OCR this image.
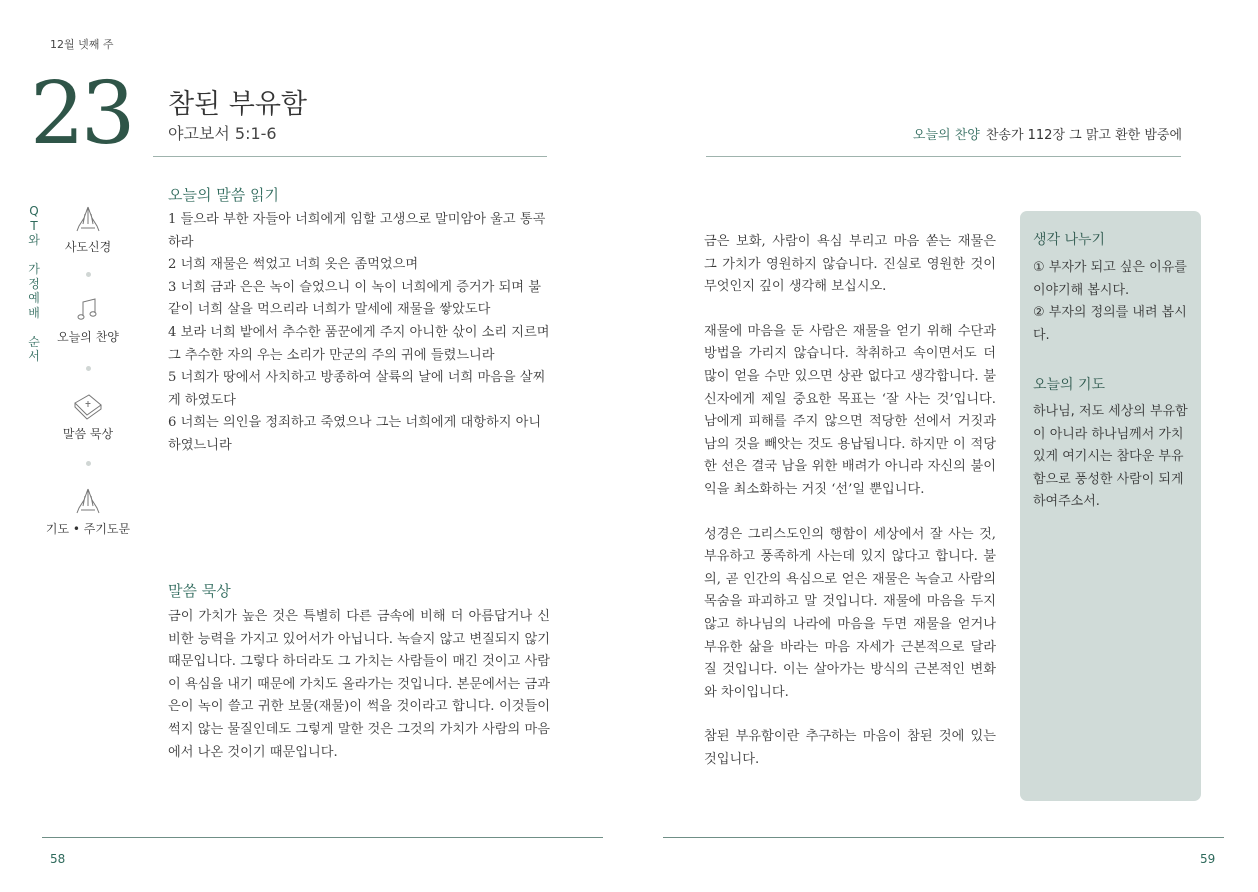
12월 넷째 주
23 참된 부유함
야고보서 5:1-6	오늘의 찬양 찬송가 112장 그 맑고 환한 밤중에
Q
T
와
가
정
예
배
순
서
사도신경
오늘의 찬양
말씀 묵상
기도 • 주기도문
오늘의 말씀 읽기

1 들으라 부한 자들아 너희에게 임할 고생으로 말미암아 울고 통곡하라

2 너희 재물은 썩었고 너희 옷은 좀먹었으며

3 너희 금과 은은 녹이 슬었으니 이 녹이 너희에게 증거가 되며 불 같이 너희 살을 먹으리라 너희가 말세에 재물을 쌓았도다

4 보라 너희 밭에서 추수한 품꾼에게 주지 아니한 삯이 소리 지르며 그 추수한 자의 우는 소리가 만군의 주의 귀에 들렸느니라

5 너희가 땅에서 사치하고 방종하여 살륙의 날에 너희 마음을 살찌게 하였도다

6 너희는 의인을 정죄하고 죽였으나 그는 너희에게 대항하지 아니하였느니라

말씀 묵상
금이 가치가 높은 것은 특별히 다른 금속에 비해 더 아름답거나 신비한 능력을 가지고 있어서가 아닙니다. 녹슬지 않고 변질되지 않기 때문입니다. 그렇다 하더라도 그 가치는 사람들이 매긴 것이고 사람이 욕심을 내기 때문에 가치도 올라가는 것입니다. 본문에서는 금과 은이 녹이 쓸고 귀한 보물(재물)이 썩을 것이라고 합니다. 이것들이 썩지 않는 물질인데도 그렇게 말한 것은 그것의 가치가 사람의 마음에서 나온 것이기 때문입니다.

금은 보화, 사람이 욕심 부리고 마음 쏟는 재물은 그 가치가 영원하지 않습니다. 진실로 영원한 것이 무엇인지 깊이 생각해 보십시오.

재물에 마음을 둔 사람은 재물을 얻기 위해 수단과 방법을 가리지 않습니다. 착취하고 속이면서도 더 많이 얻을 수만 있으면 상관 없다고 생각합니다. 불신자에게 제일 중요한 목표는 ‘잘 사는 것’입니다. 남에게 피해를 주지 않으면 적당한 선에서 거짓과 남의 것을 빼앗는 것도 용납됩니다. 하지만 이 적당한 선은 결국 남을 위한 배려가 아니라 자신의 불이익을 최소화하는 거짓 ‘선’일 뿐입니다.

성경은 그리스도인의 행함이 세상에서 잘 사는 것, 부유하고 풍족하게 사는데 있지 않다고 합니다. 불의, 곧 인간의 욕심으로 얻은 재물은 녹슬고 사람의 목숨을 파괴하고 말 것입니다. 재물에 마음을 두지 않고 하나님의 나라에 마음을 두면 재물을 얻거나 부유한 삶을 바라는 마음 자세가 근본적으로 달라질 것입니다. 이는 살아가는 방식의 근본적인 변화와 차이입니다.

참된 부유함이란 추구하는 마음이 참된 것에 있는 것입니다.

생각 나누기
① 부자가 되고 싶은 이유를 이야기해 봅시다.
② 부자의 정의를 내려 봅시다.
오늘의 기도
하나님, 저도 세상의 부유함이 아니라 하나님께서 가치 있게 여기시는 참다운 부유함으로 풍성한 사람이 되게 하여주소서.
58	59
